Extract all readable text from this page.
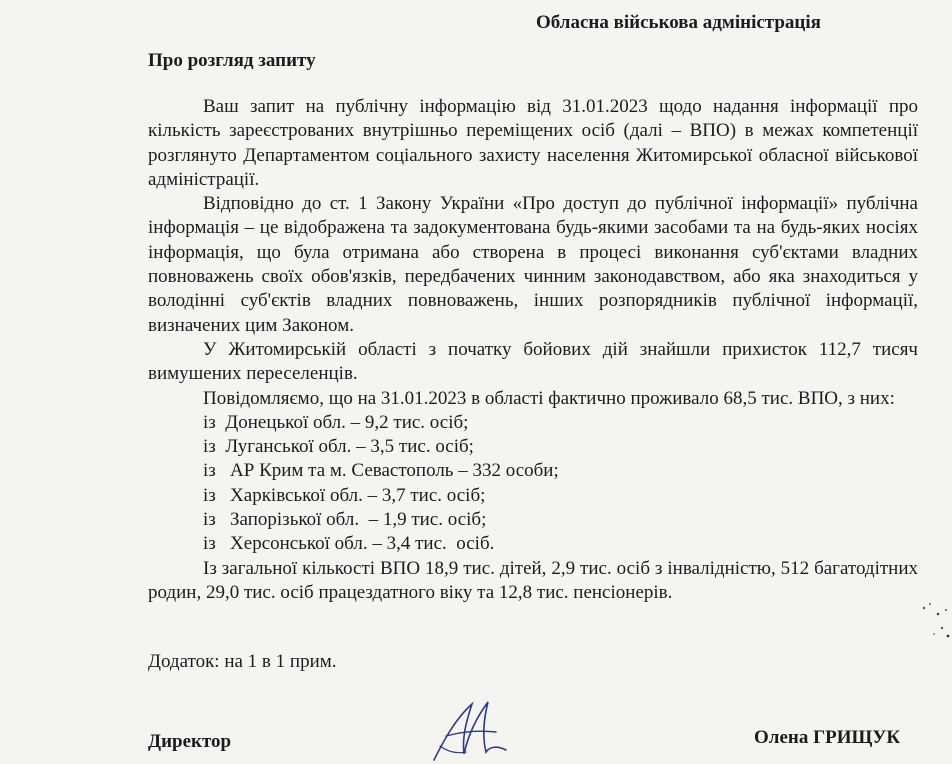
Обласна військова адміністрація
Про розгляд запиту

Ваш запит на публічну інформацію від 31.01.2023 щодо надання інформації про кількість зареєстрованих внутрішньо переміщених осіб (далі – ВПО) в межах компетенції розглянуто Департаментом соціального захисту населення Житомирської обласної військової адміністрації.

Відповідно до ст. 1 Закону України «Про доступ до публічної інформації» публічна інформація – це відображена та задокументована будь-якими засобами та на будь-яких носіях інформація, що була отримана або створена в процесі виконання суб'єктами владних повноважень своїх обов'язків, передбачених чинним законодавством, або яка знаходиться у володінні суб'єктів владних повноважень, інших розпорядників публічної інформації, визначених цим Законом.

У Житомирській області з початку бойових дій знайшли прихисток 112,7 тисяч вимушених переселенців.

Повідомляємо, що на 31.01.2023 в області фактично проживало 68,5 тис. ВПО, з них:

із  Донецької обл. – 9,2 тис. осіб;
із  Луганської обл. – 3,5 тис. осіб;
із   АР Крим та м. Севастополь – 332 особи;
із   Харківської обл. – 3,7 тис. осіб;
із   Запорізької обл.  – 1,9 тис. осіб;
із   Херсонської обл. – 3,4 тис.  осіб.

Із загальної кількості ВПО 18,9 тис. дітей, 2,9 тис. осіб з інвалідністю, 512 багатодітних родин, 29,0 тис. осіб працездатного віку та 12,8 тис. пенсіонерів.

Додаток: на 1 в 1 прим.
Директор	Олена ГРИЩУК
